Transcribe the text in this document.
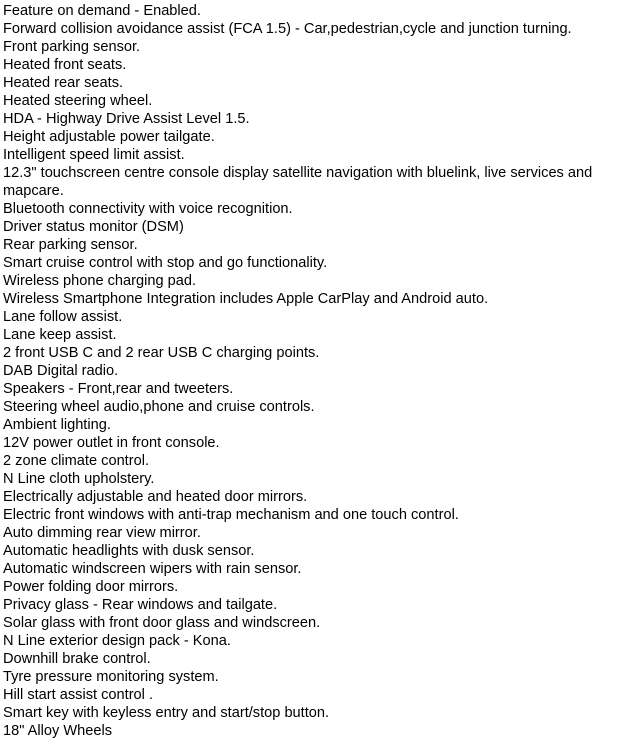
Feature on demand - Enabled.
Forward collision avoidance assist (FCA 1.5) - Car,pedestrian,cycle and junction turning.
Front parking sensor.
Heated front seats.
Heated rear seats.
Heated steering wheel.
HDA - Highway Drive Assist Level 1.5.
Height adjustable power tailgate.
Intelligent speed limit assist.
12.3" touchscreen centre console display satellite navigation with bluelink, live services and mapcare.
Bluetooth connectivity with voice recognition.
Driver status monitor (DSM)
Rear parking sensor.
Smart cruise control with stop and go functionality.
Wireless phone charging pad.
Wireless Smartphone Integration includes Apple CarPlay and Android auto.
Lane follow assist.
Lane keep assist.
2 front USB C and 2 rear USB C charging points.
DAB Digital radio.
Speakers - Front,rear and tweeters.
Steering wheel audio,phone and cruise controls.
Ambient lighting.
12V power outlet in front console.
2 zone climate control.
N Line cloth upholstery.
Electrically adjustable and heated door mirrors.
Electric front windows with anti-trap mechanism and one touch control.
Auto dimming rear view mirror.
Automatic headlights with dusk sensor.
Automatic windscreen wipers with rain sensor.
Power folding door mirrors.
Privacy glass - Rear windows and tailgate.
Solar glass with front door glass and windscreen.
N Line exterior design pack - Kona.
Downhill brake control.
Tyre pressure monitoring system.
Hill start assist control .
Smart key with keyless entry and start/stop button.
18" Alloy Wheels
